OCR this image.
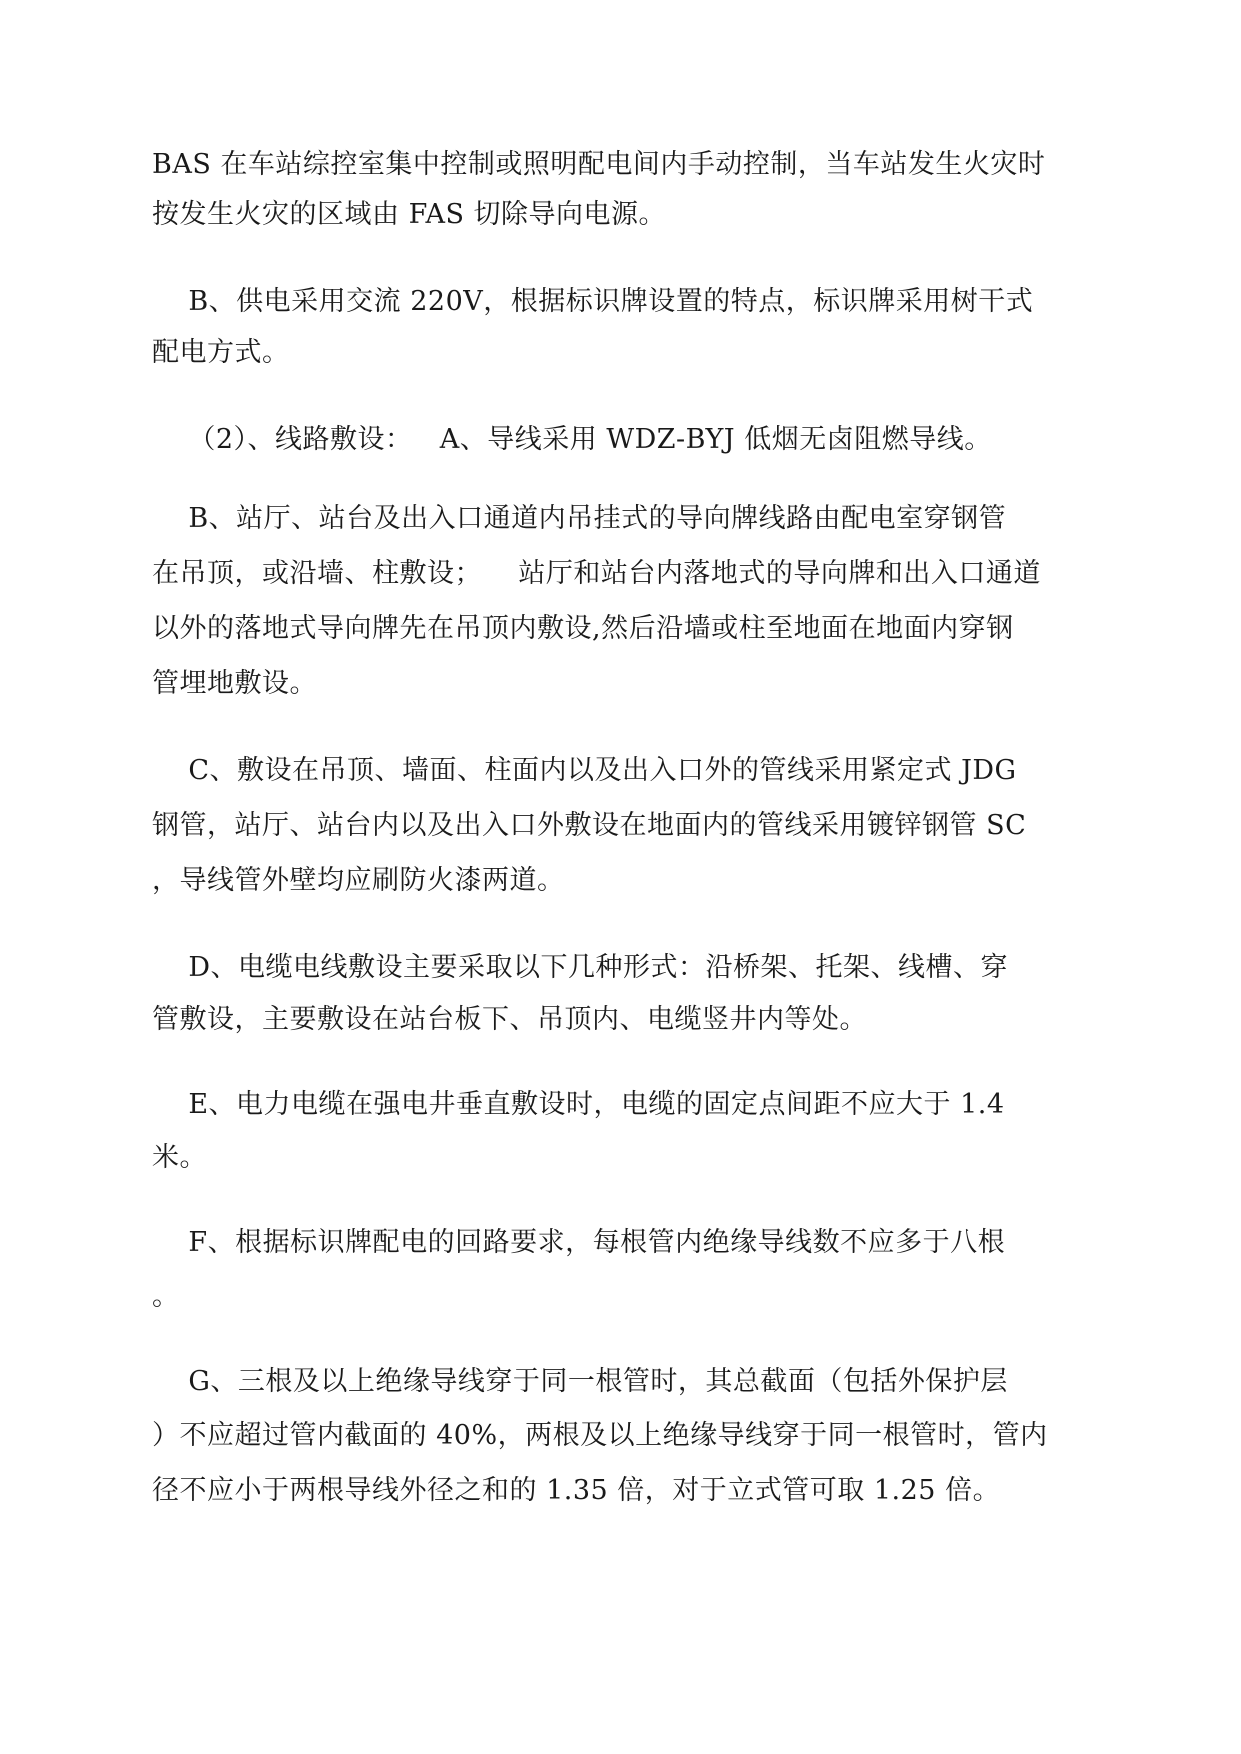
BAS 在车站综控室集中控制或照明配电间内手动控制，当车站发生火灾时
按发生火灾的区域由 FAS 切除导向电源。
B、供电采用交流 220V，根据标识牌设置的特点，标识牌采用树干式
配电方式。
（2）、线路敷设：   A、导线采用 WDZ-BYJ 低烟无卤阻燃导线。
B、站厅、站台及出入口通道内吊挂式的导向牌线路由配电室穿钢管
在吊顶，或沿墙、柱敷设；    站厅和站台内落地式的导向牌和出入口通道
以外的落地式导向牌先在吊顶内敷设,然后沿墙或柱至地面在地面内穿钢
管埋地敷设。
C、敷设在吊顶、墙面、柱面内以及出入口外的管线采用紧定式 JDG
钢管，站厅、站台内以及出入口外敷设在地面内的管线采用镀锌钢管 SC
，导线管外壁均应刷防火漆两道。
D、电缆电线敷设主要采取以下几种形式：沿桥架、托架、线槽、穿
管敷设，主要敷设在站台板下、吊顶内、电缆竖井内等处。
E、电力电缆在强电井垂直敷设时，电缆的固定点间距不应大于 1.4
米。
F、根据标识牌配电的回路要求，每根管内绝缘导线数不应多于八根
。
G、三根及以上绝缘导线穿于同一根管时，其总截面（包括外保护层
）不应超过管内截面的 40%，两根及以上绝缘导线穿于同一根管时，管内
径不应小于两根导线外径之和的 1.35 倍，对于立式管可取 1.25 倍。
